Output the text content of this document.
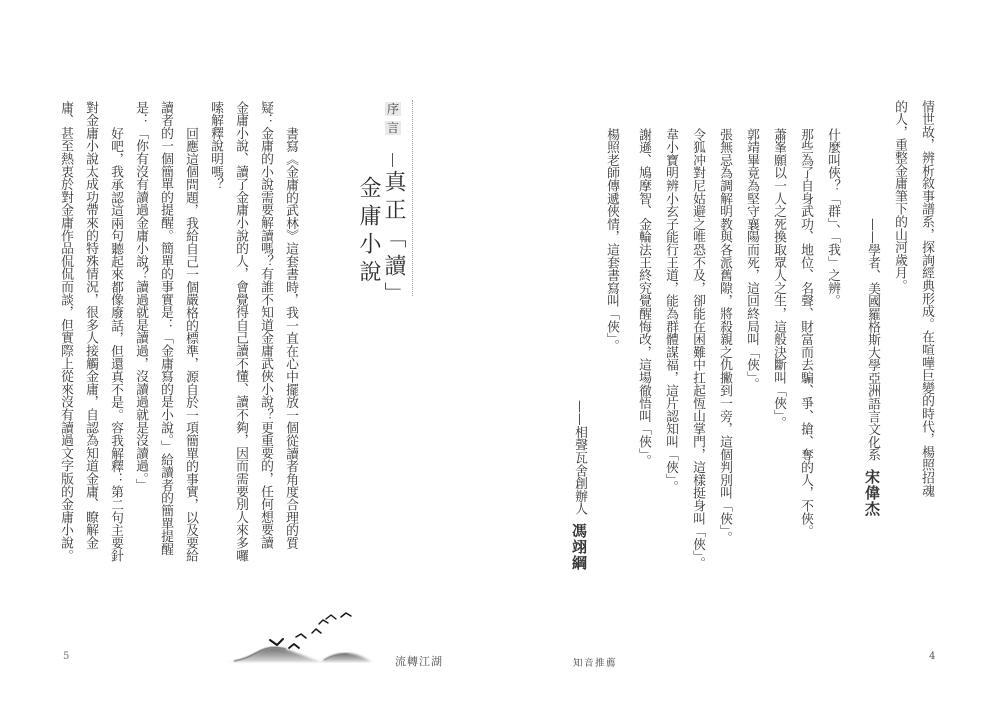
序
言

真正「讀」

金庸小說

書寫《金庸的武林》這套書時，我一直在心中擺放一個從讀者角度合理的質

疑：金庸的小說需要解讀嗎？有誰不知道金庸武俠小說？更重要的，任何想要讀

金庸小說、讀了金庸小說的人，會覺得自己讀不懂、讀不夠，因而需要別人來多囉

嗦解釋說明嗎？

回應這個問題，我給自己一個嚴格的標準，源自於一項簡單的事實，以及要給

讀者的一個簡單的提醒。簡單的事實是：「金庸寫的是小說。」給讀者的簡單提醒

是：「你有沒有讀過金庸小說？讀過就是讀過，沒讀過就是沒讀過。」

好吧，我承認這兩句聽起來都像廢話，但還真不是。容我解釋：第二句主要針

對金庸小說太成功帶來的特殊情況，很多人接觸金庸，自認為知道金庸、瞭解金

庸、甚至熱衷於對金庸作品侃侃而談，但實際上從來沒有讀過文字版的金庸小說。

流轉江湖
5

情世故，辨析敘事譜系，探詢經典形成。在喧嘩巨變的時代，楊照招魂

的人，重整金庸筆下的山河歲月。

——學者、美國羅格斯大學亞洲語言文化系宋偉杰

什麼叫俠？「群」、「我」之辨。

那些為了自身武功、地位、名聲、財富而去騙、爭、搶、奪的人，不俠。

蕭峯願以一人之死換取眾人之生，這般決斷叫「俠」。

郭靖畢竟為堅守襄陽而死，這回終局叫「俠」。

張無忌為調解明教與各派舊隙，將殺親之仇撇到一旁，這個判別叫「俠」。

令狐冲對尼姑避之唯恐不及，卻能在困難中扛起恆山掌門，這樣挺身叫「俠」。

韋小寶明辨小玄子能行王道，能為群體謀福，這片認知叫「俠」。

謝遜、鳩摩智、金輪法王終究覺醒悔改，這場徹悟叫「俠」。

楊照老師傳遞俠情，這套書寫叫「俠」。

——相聲瓦舍創辦人馮翊綱

知音推薦
4
